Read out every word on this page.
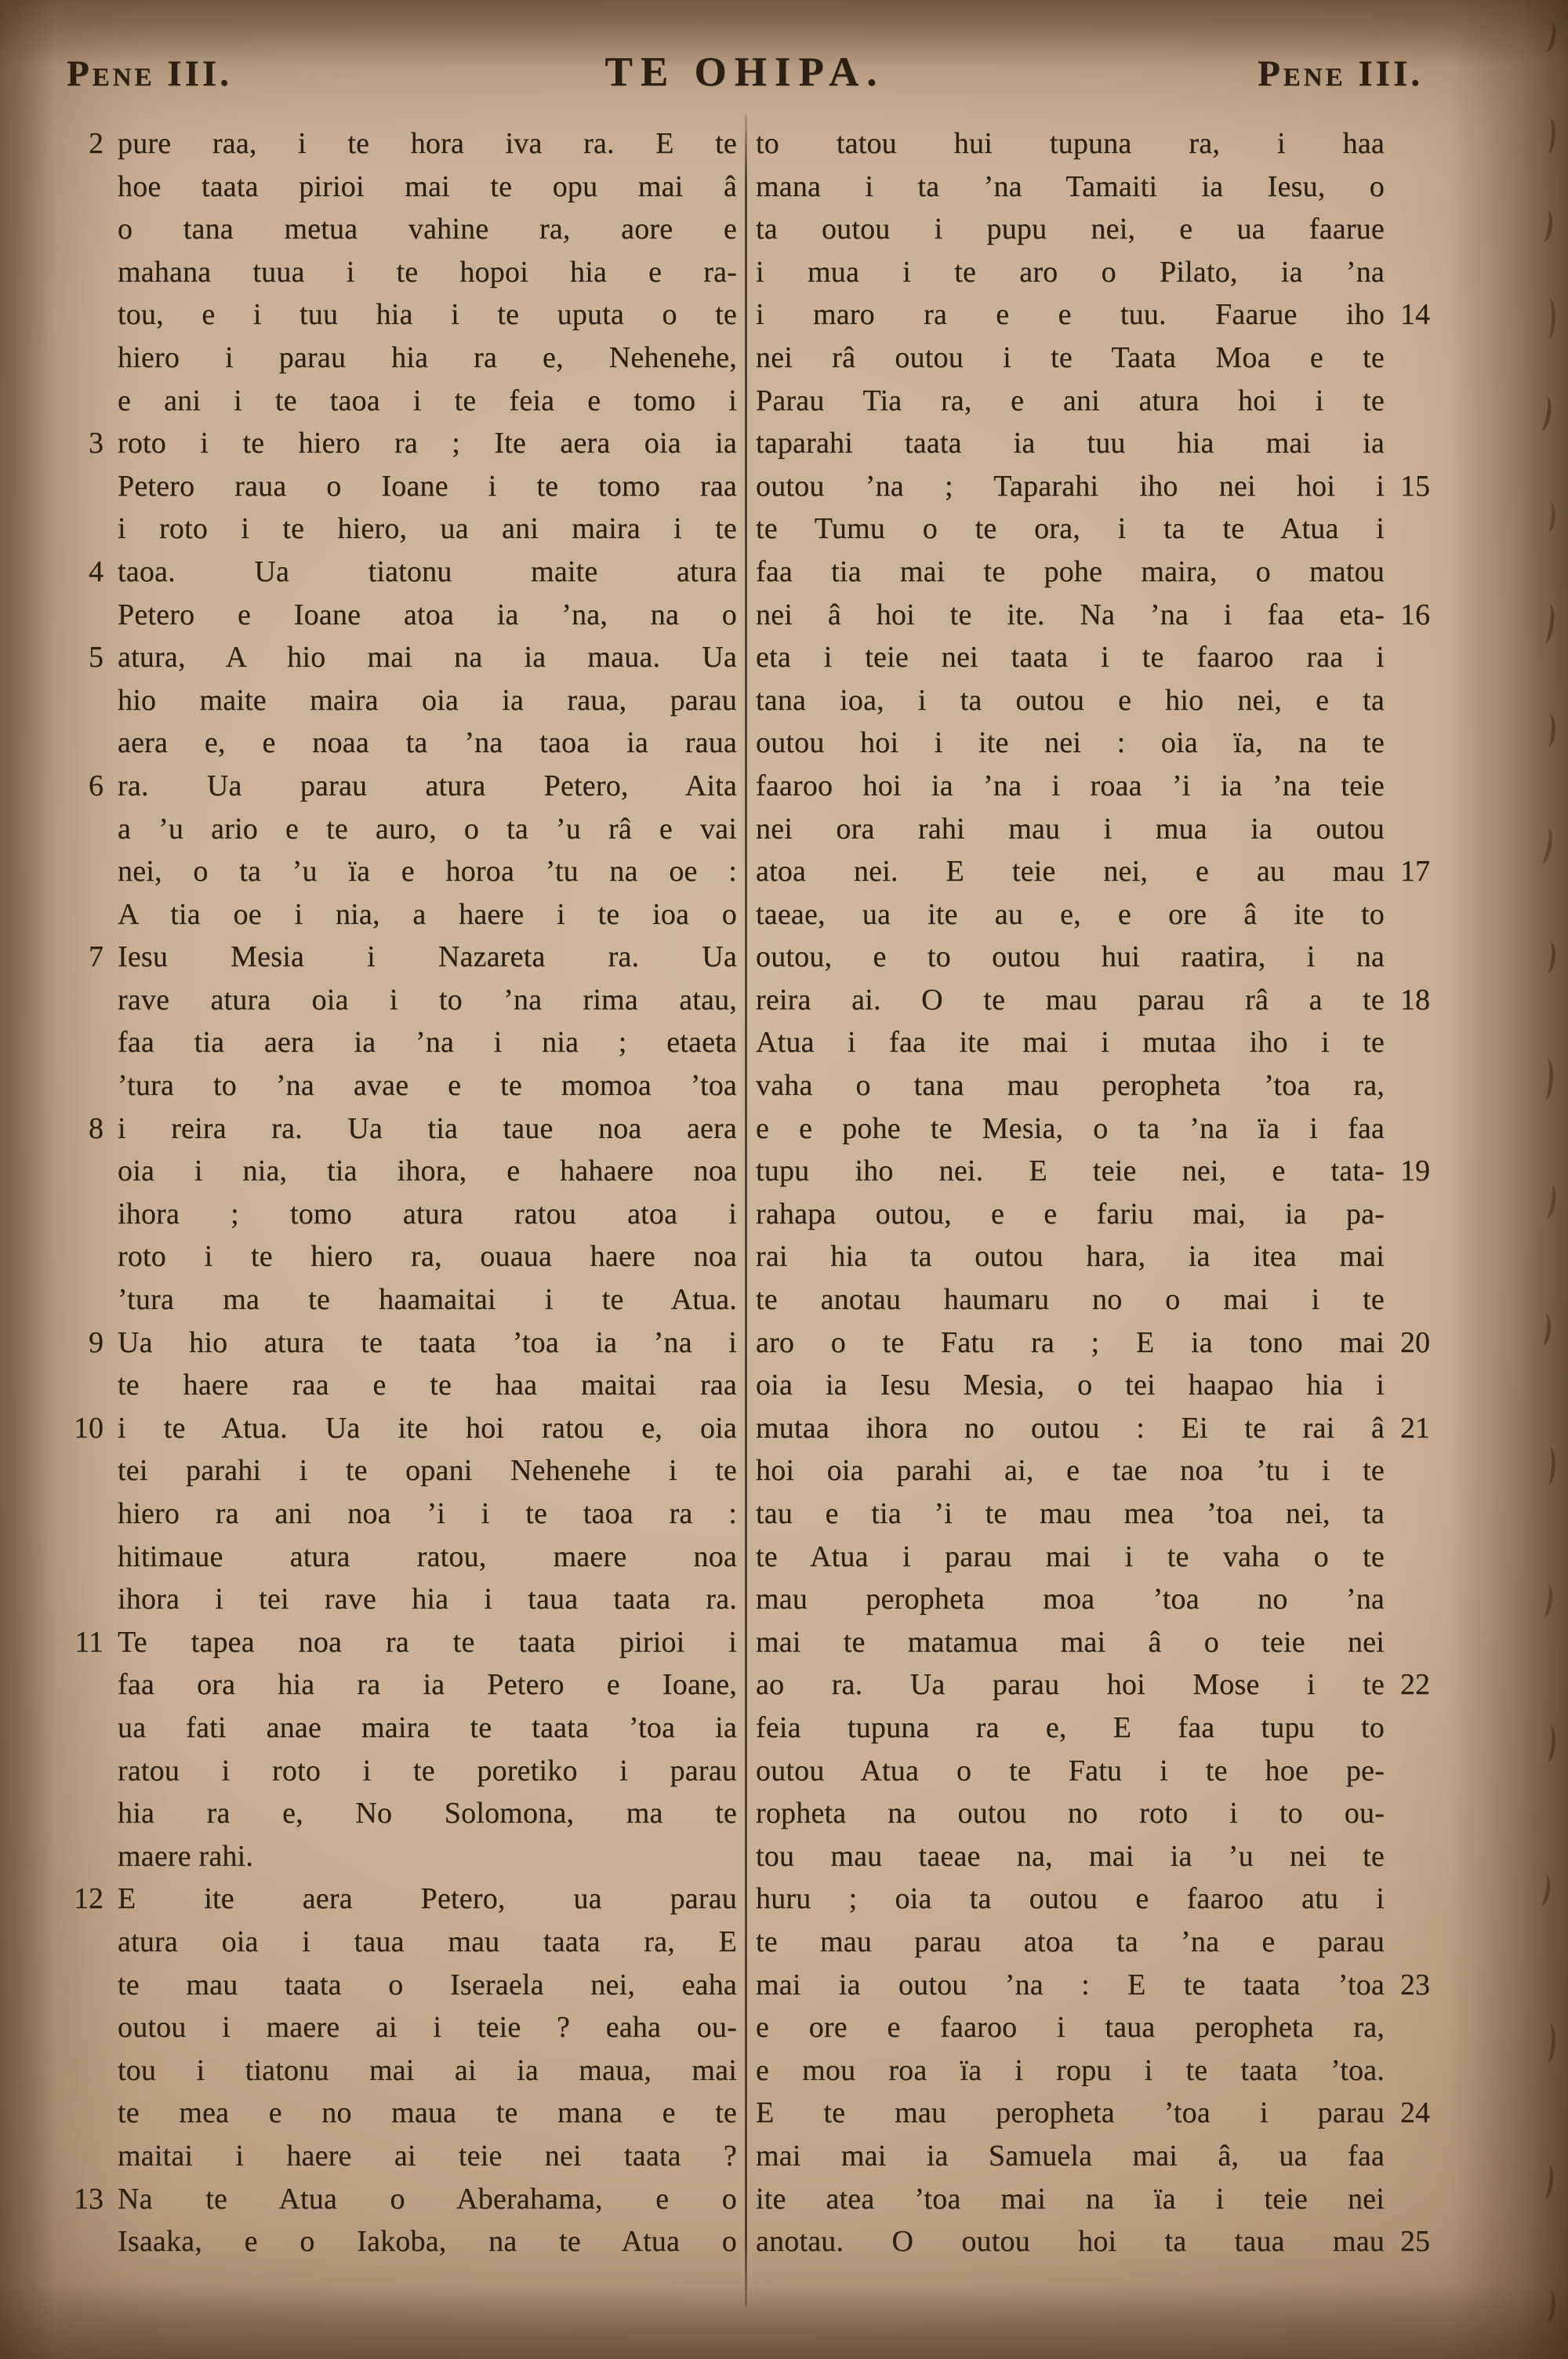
Pene III.	TE OHIPA.	Pene III.
2 pure raa, i te hora iva ra. E te
hoe taata pirioi mai te opu mai â
o tana metua vahine ra, aore e
mahana tuua i te hopoi hia e ra-
tou, e i tuu hia i te uputa o te
hiero i parau hia ra e, Nehenehe,
e ani i te taoa i te feia e tomo i
3 roto i te hiero ra ; Ite aera oia ia
Petero raua o Ioane i te tomo raa
i roto i te hiero, ua ani maira i te
4 taoa. Ua tiatonu maite atura
Petero e Ioane atoa ia ’na, na o
5 atura, A hio mai na ia maua. Ua
hio maite maira oia ia raua, parau
aera e, e noaa ta ’na taoa ia raua
6 ra. Ua parau atura Petero, Aita
a ’u ario e te auro, o ta ’u râ e vai
nei, o ta ’u ïa e horoa ’tu na oe :
A tia oe i nia, a haere i te ioa o
7 Iesu Mesia i Nazareta ra. Ua
rave atura oia i to ’na rima atau,
faa tia aera ia ’na i nia ; etaeta
’tura to ’na avae e te momoa ’toa
8 i reira ra. Ua tia taue noa aera
oia i nia, tia ihora, e hahaere noa
ihora ; tomo atura ratou atoa i
roto i te hiero ra, ouaua haere noa
’tura ma te haamaitai i te Atua.
9 Ua hio atura te taata ’toa ia ’na i
te haere raa e te haa maitai raa
10 i te Atua. Ua ite hoi ratou e, oia
tei parahi i te opani Nehenehe i te
hiero ra ani noa ’i i te taoa ra :
hitimaue atura ratou, maere noa
ihora i tei rave hia i taua taata ra.
11 Te tapea noa ra te taata pirioi i
faa ora hia ra ia Petero e Ioane,
ua fati anae maira te taata ’toa ia
ratou i roto i te poretiko i parau
hia ra e, No Solomona, ma te
maere rahi.
12 E ite aera Petero, ua parau
atura oia i taua mau taata ra, E
te mau taata o Iseraela nei, eaha
outou i maere ai i teie ? eaha ou-
tou i tiatonu mai ai ia maua, mai
te mea e no maua te mana e te
maitai i haere ai teie nei taata ?
13 Na te Atua o Aberahama, e o
Isaaka, e o Iakoba, na te Atua o
to tatou hui tupuna ra, i haa
mana i ta ’na Tamaiti ia Iesu, o
ta outou i pupu nei, e ua faarue
i mua i te aro o Pilato, ia ’na
14
i maro ra e e tuu. Faarue iho
nei râ outou i te Taata Moa e te
Parau Tia ra, e ani atura hoi i te
taparahi taata ia tuu hia mai ia
15
outou ’na ; Taparahi iho nei hoi i
te Tumu o te ora, i ta te Atua i
faa tia mai te pohe maira, o matou
16
nei â hoi te ite. Na ’na i faa eta-
eta i teie nei taata i te faaroo raa i
tana ioa, i ta outou e hio nei, e ta
outou hoi i ite nei : oia ïa, na te
faaroo hoi ia ’na i roaa ’i ia ’na teie
nei ora rahi mau i mua ia outou
17
atoa nei. E teie nei, e au mau
taeae, ua ite au e, e ore â ite to
outou, e to outou hui raatira, i na
18
reira ai. O te mau parau râ a te
Atua i faa ite mai i mutaa iho i te
vaha o tana mau peropheta ’toa ra,
e e pohe te Mesia, o ta ’na ïa i faa
19
tupu iho nei. E teie nei, e tata-
rahapa outou, e e fariu mai, ia pa-
rai hia ta outou hara, ia itea mai
te anotau haumaru no o mai i te
20
aro o te Fatu ra ; E ia tono mai
oia ia Iesu Mesia, o tei haapao hia i
21
mutaa ihora no outou : Ei te rai â
hoi oia parahi ai, e tae noa ’tu i te
tau e tia ’i te mau mea ’toa nei, ta
te Atua i parau mai i te vaha o te
mau peropheta moa ’toa no ’na
mai te matamua mai â o teie nei
22
ao ra. Ua parau hoi Mose i te
feia tupuna ra e, E faa tupu to
outou Atua o te Fatu i te hoe pe-
ropheta na outou no roto i to ou-
tou mau taeae na, mai ia ’u nei te
huru ; oia ta outou e faaroo atu i
te mau parau atoa ta ’na e parau
23
mai ia outou ’na : E te taata ’toa
e ore e faaroo i taua peropheta ra,
e mou roa ïa i ropu i te taata ’toa.
24
E te mau peropheta ’toa i parau
mai mai ia Samuela mai â, ua faa
ite atea ’toa mai na ïa i teie nei
25
anotau. O outou hoi ta taua mau
